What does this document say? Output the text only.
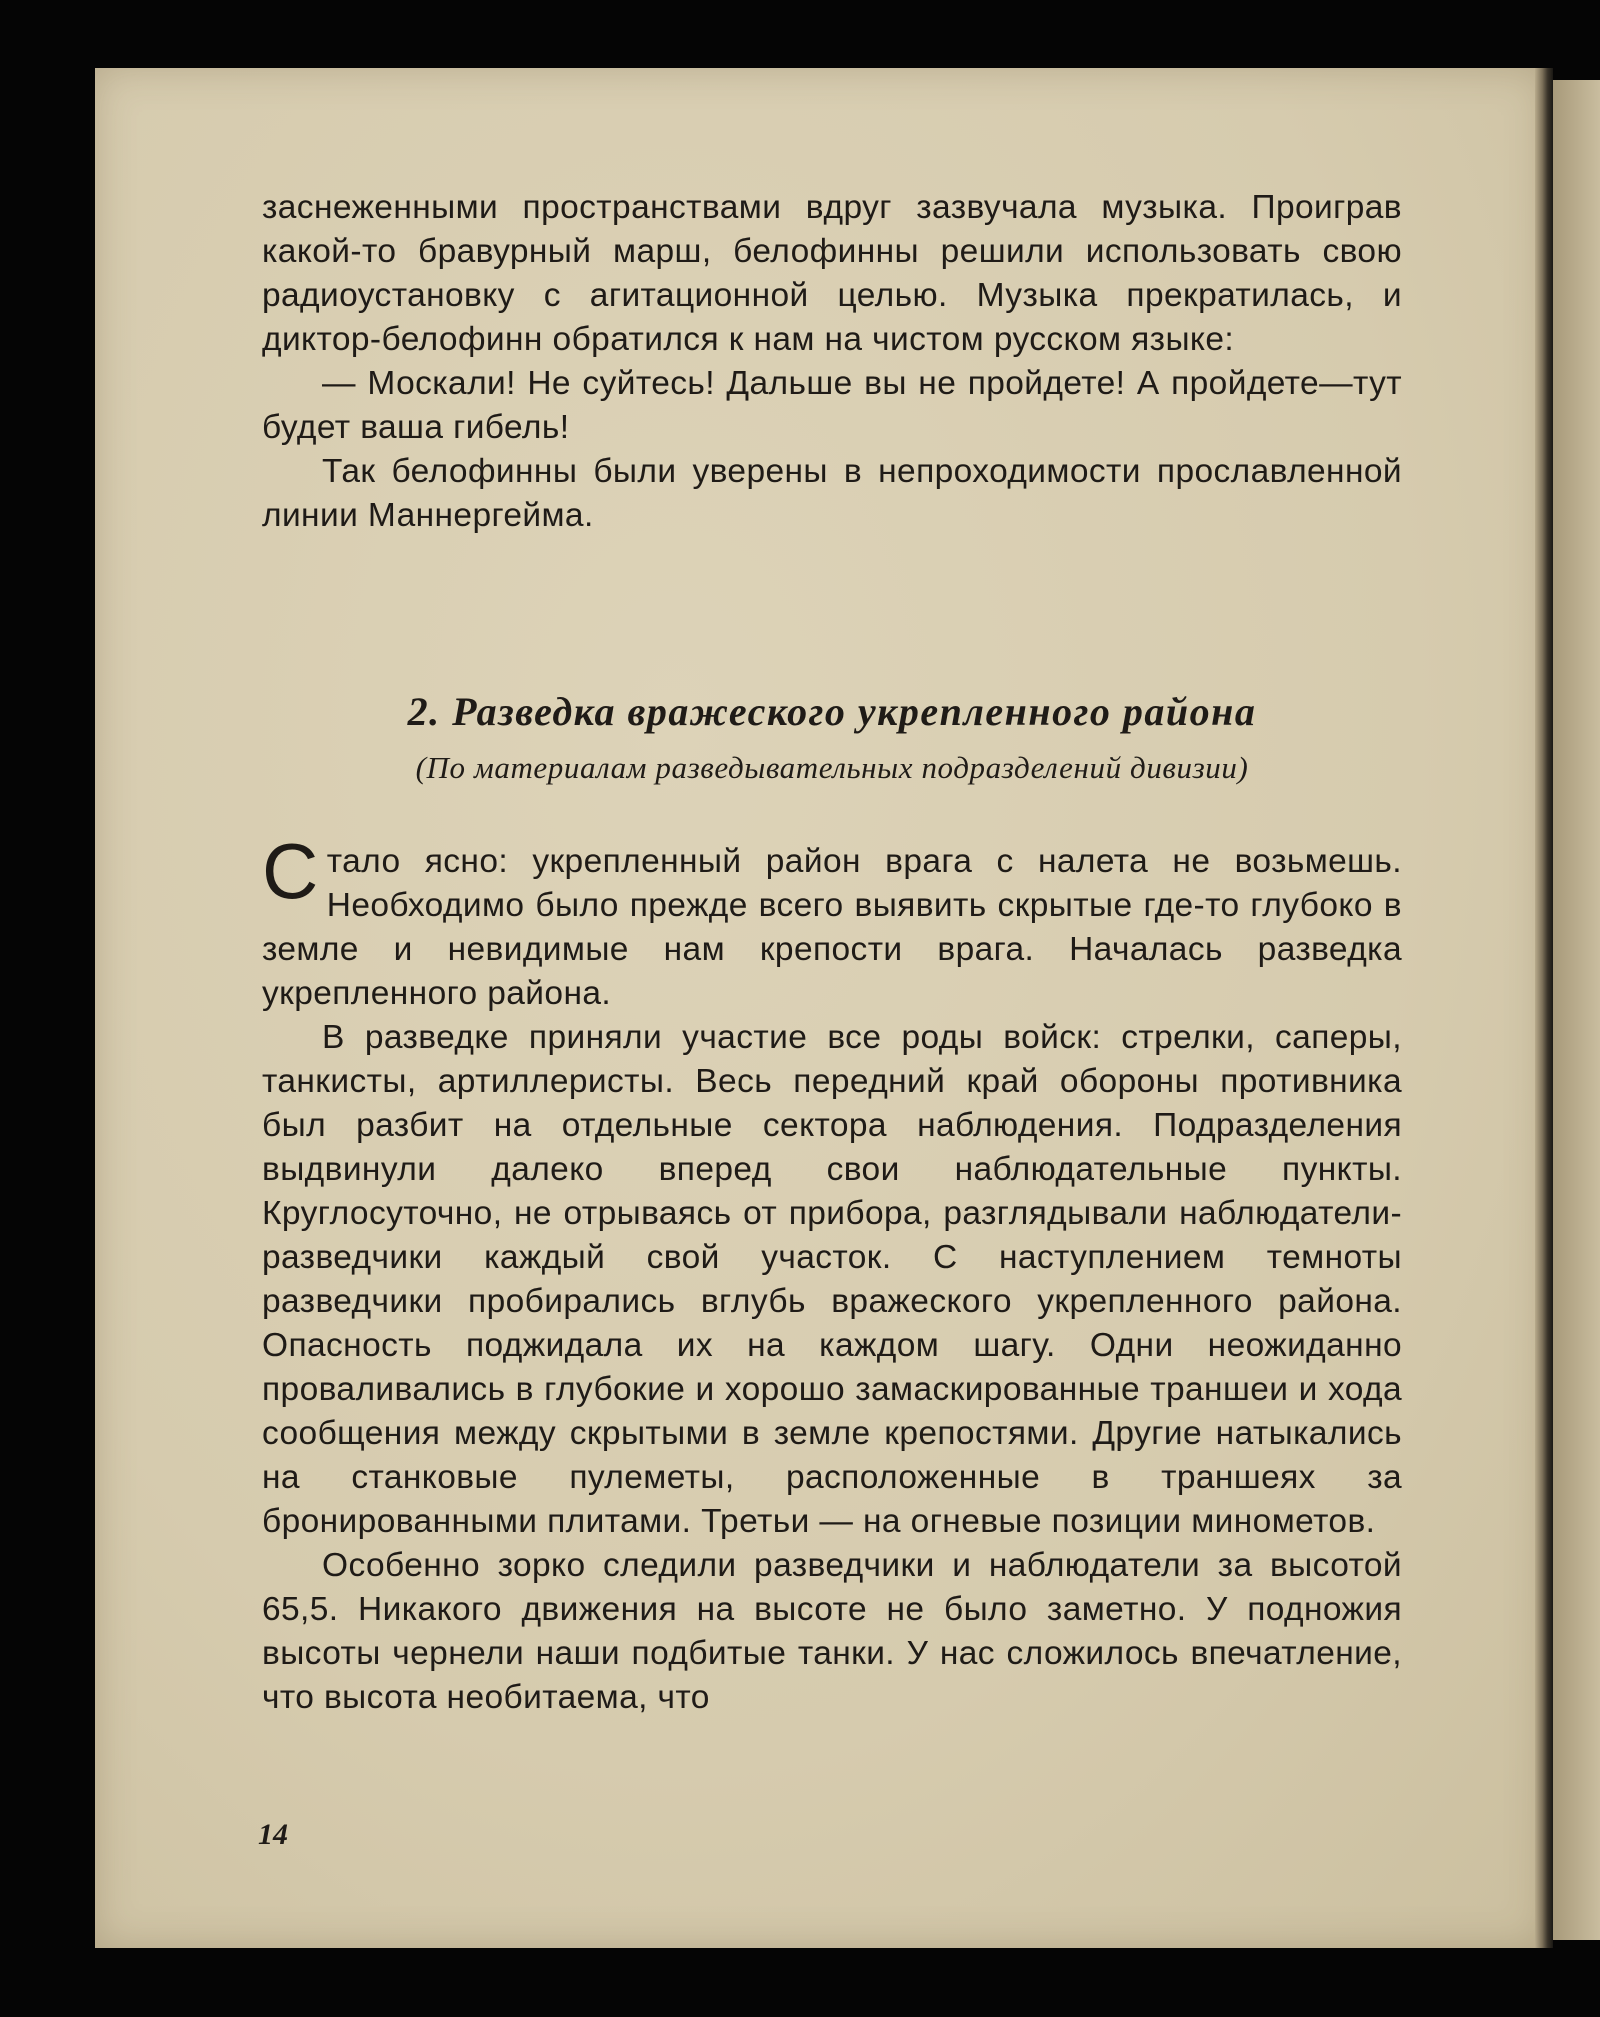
заснеженными пространствами вдруг зазвучала музыка. Проиграв какой-то бравурный марш, белофинны решили использовать свою радиоустановку с агитационной целью. Музыка прекратилась, и диктор-белофинн обратился к нам на чистом русском языке:

— Москали! Не суйтесь! Дальше вы не пройдете! А пройдете—тут будет ваша гибель!

Так белофинны были уверены в непроходимости прославленной линии Маннергейма.

2. Разведка вражеского укрепленного района
(По материалам разведывательных подразделений дивизии)

Стало ясно: укрепленный район врага с налета не возьмешь. Необходимо было прежде всего выявить скрытые где-то глубоко в земле и невидимые нам крепости врага. Началась разведка укрепленного района.

В разведке приняли участие все роды войск: стрелки, саперы, танкисты, артиллеристы. Весь передний край обороны противника был разбит на отдельные сектора наблюдения. Подразделения выдвинули далеко вперед свои наблюдательные пункты. Круглосуточно, не отрываясь от прибора, разглядывали наблюдатели-разведчики каждый свой участок. С наступлением темноты разведчики пробирались вглубь вражеского укрепленного района. Опасность поджидала их на каждом шагу. Одни неожиданно проваливались в глубокие и хорошо замаскированные траншеи и хода сообщения между скрытыми в земле крепостями. Другие натыкались на станковые пулеметы, расположенные в траншеях за бронированными плитами. Третьи — на огневые позиции минометов.

Особенно зорко следили разведчики и наблюдатели за высотой 65,5. Никакого движения на высоте не было заметно. У подножия высоты чернели наши подбитые танки. У нас сложилось впечатление, что высота необитаема, что

14
